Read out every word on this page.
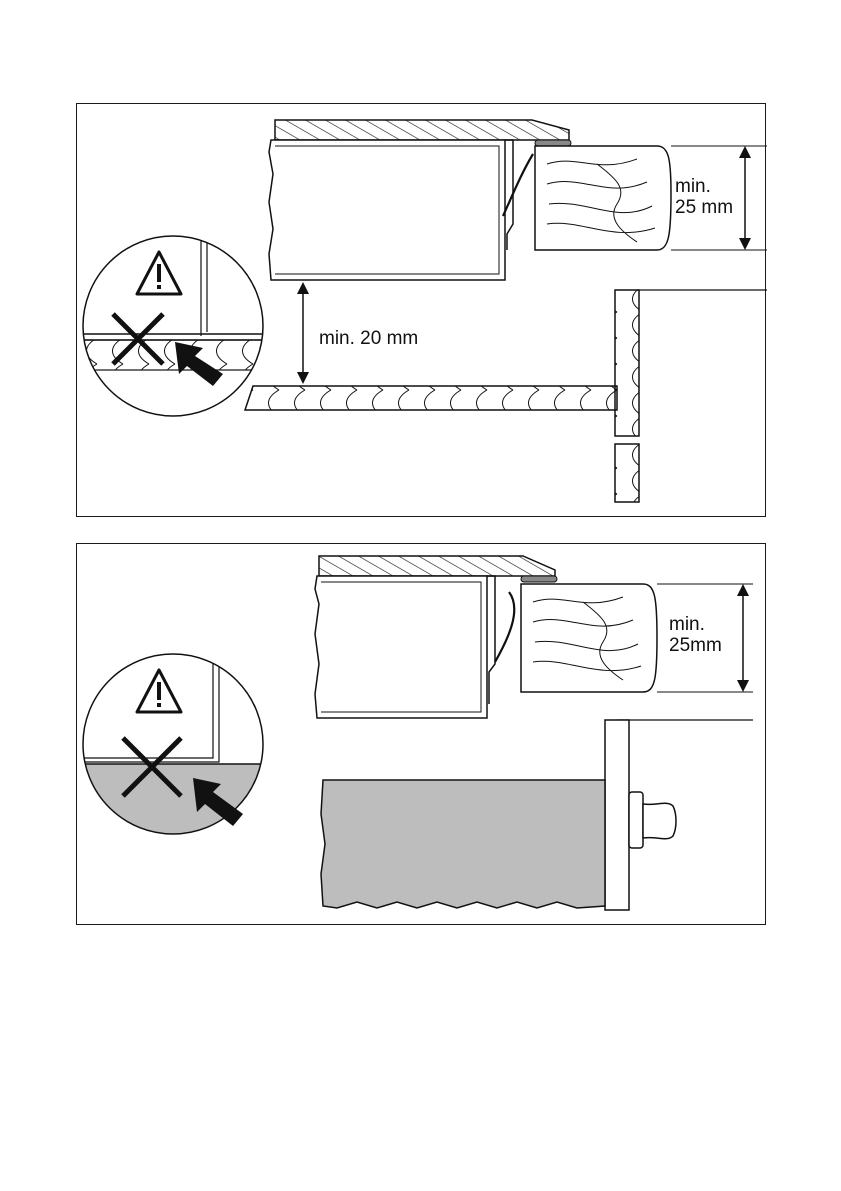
min. 25 mm
min. 20 mm
min. 25mm
